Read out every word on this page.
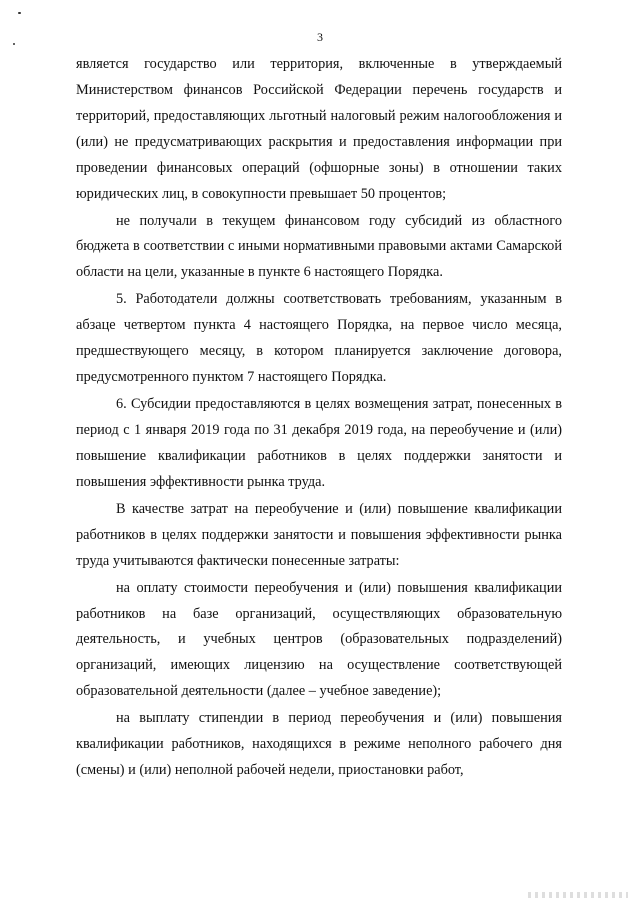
3

является государство или территория, включенные в утверждаемый Министерством финансов Российской Федерации перечень государств и территорий, предоставляющих льготный налоговый режим налогообложения и (или) не предусматривающих раскрытия и предоставления информации при проведении финансовых операций (офшорные зоны) в отношении таких юридических лиц, в совокупности превышает 50 процентов;

не получали в текущем финансовом году субсидий из областного бюджета в соответствии с иными нормативными правовыми актами Самарской области на цели, указанные в пункте 6 настоящего Порядка.

5. Работодатели должны соответствовать требованиям, указанным в абзаце четвертом пункта 4 настоящего Порядка, на первое число месяца, предшествующего месяцу, в котором планируется заключение договора, предусмотренного пунктом 7 настоящего Порядка.

6. Субсидии предоставляются в целях возмещения затрат, понесенных в период с 1 января 2019 года по 31 декабря 2019 года, на переобучение и (или) повышение квалификации работников в целях поддержки занятости и повышения эффективности рынка труда.

В качестве затрат на переобучение и (или) повышение квалификации работников в целях поддержки занятости и повышения эффективности рынка труда учитываются фактически понесенные затраты:

на оплату стоимости переобучения и (или) повышения квалификации работников на базе организаций, осуществляющих образовательную деятельность, и учебных центров (образовательных подразделений) организаций, имеющих лицензию на осуществление соответствующей образовательной деятельности (далее – учебное заведение);

на выплату стипендии в период переобучения и (или) повышения квалификации работников, находящихся в режиме неполного рабочего дня (смены) и (или) неполной рабочей недели, приостановки работ,
